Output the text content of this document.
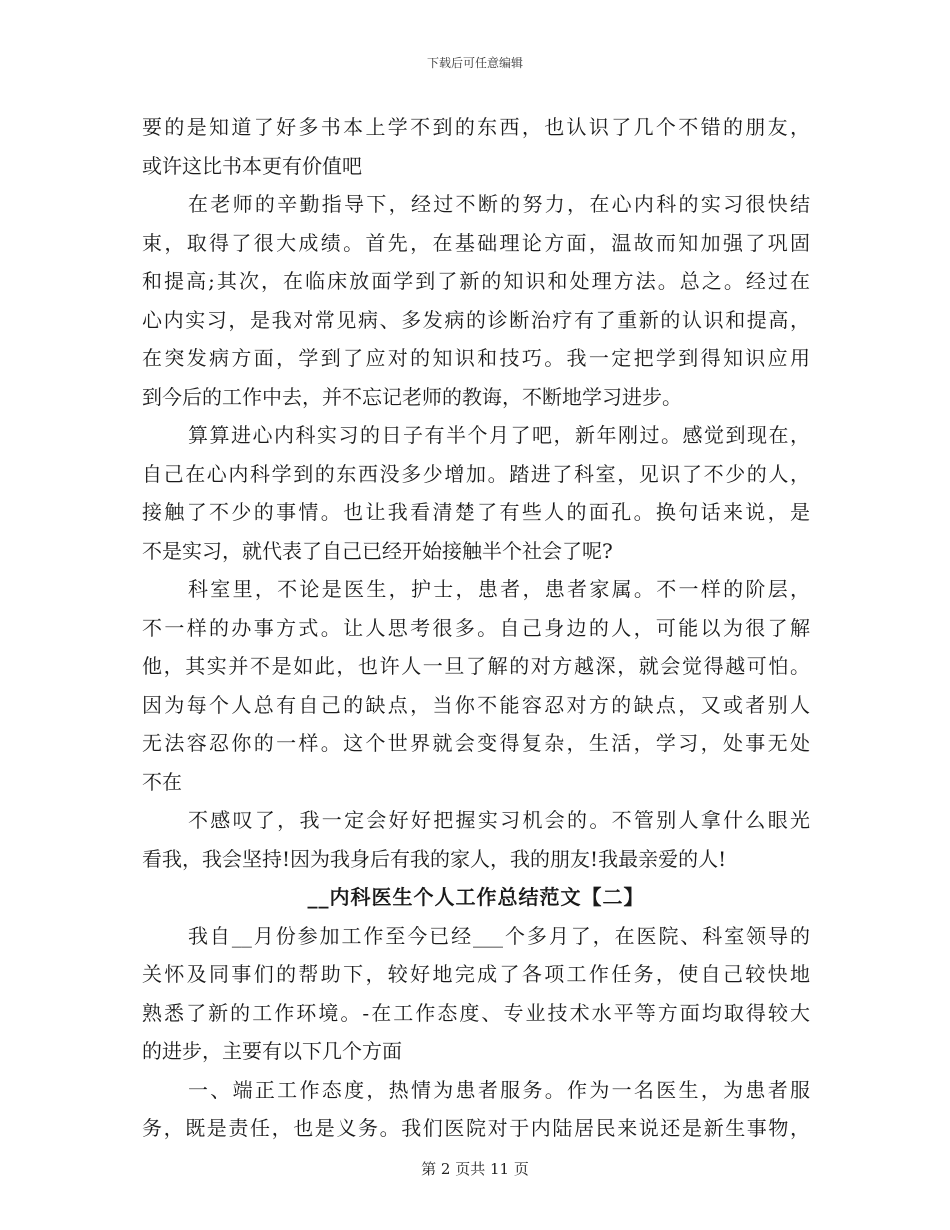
下载后可任意编辑
要的是知道了好多书本上学不到的东西，也认识了几个不错的朋友，
或许这比书本更有价值吧
在老师的辛勤指导下，经过不断的努力，在心内科的实习很快结
束，取得了很大成绩。首先，在基础理论方面，温故而知加强了巩固
和提高;其次，在临床放面学到了新的知识和处理方法。总之。经过在
心内实习，是我对常见病、多发病的诊断治疗有了重新的认识和提高，
在突发病方面，学到了应对的知识和技巧。我一定把学到得知识应用
到今后的工作中去，并不忘记老师的教诲，不断地学习进步。
算算进心内科实习的日子有半个月了吧，新年刚过。感觉到现在，
自己在心内科学到的东西没多少增加。踏进了科室，见识了不少的人，
接触了不少的事情。也让我看清楚了有些人的面孔。换句话来说，是
不是实习，就代表了自己已经开始接触半个社会了呢?
科室里，不论是医生，护士，患者，患者家属。不一样的阶层，
不一样的办事方式。让人思考很多。自己身边的人，可能以为很了解
他，其实并不是如此，也许人一旦了解的对方越深，就会觉得越可怕。
因为每个人总有自己的缺点，当你不能容忍对方的缺点，又或者别人
无法容忍你的一样。这个世界就会变得复杂，生活，学习，处事无处
不在
不感叹了，我一定会好好把握实习机会的。不管别人拿什么眼光
看我，我会坚持!因为我身后有我的家人，我的朋友!我最亲爱的人!
__内科医生个人工作总结范文【二】
我自__月份参加工作至今已经___个多月了，在医院、科室领导的
关怀及同事们的帮助下，较好地完成了各项工作任务，使自己较快地
熟悉了新的工作环境。-在工作态度、专业技术水平等方面均取得较大
的进步，主要有以下几个方面
一、端正工作态度，热情为患者服务。作为一名医生，为患者服
务，既是责任，也是义务。我们医院对于内陆居民来说还是新生事物，
第 2 页共 11 页
